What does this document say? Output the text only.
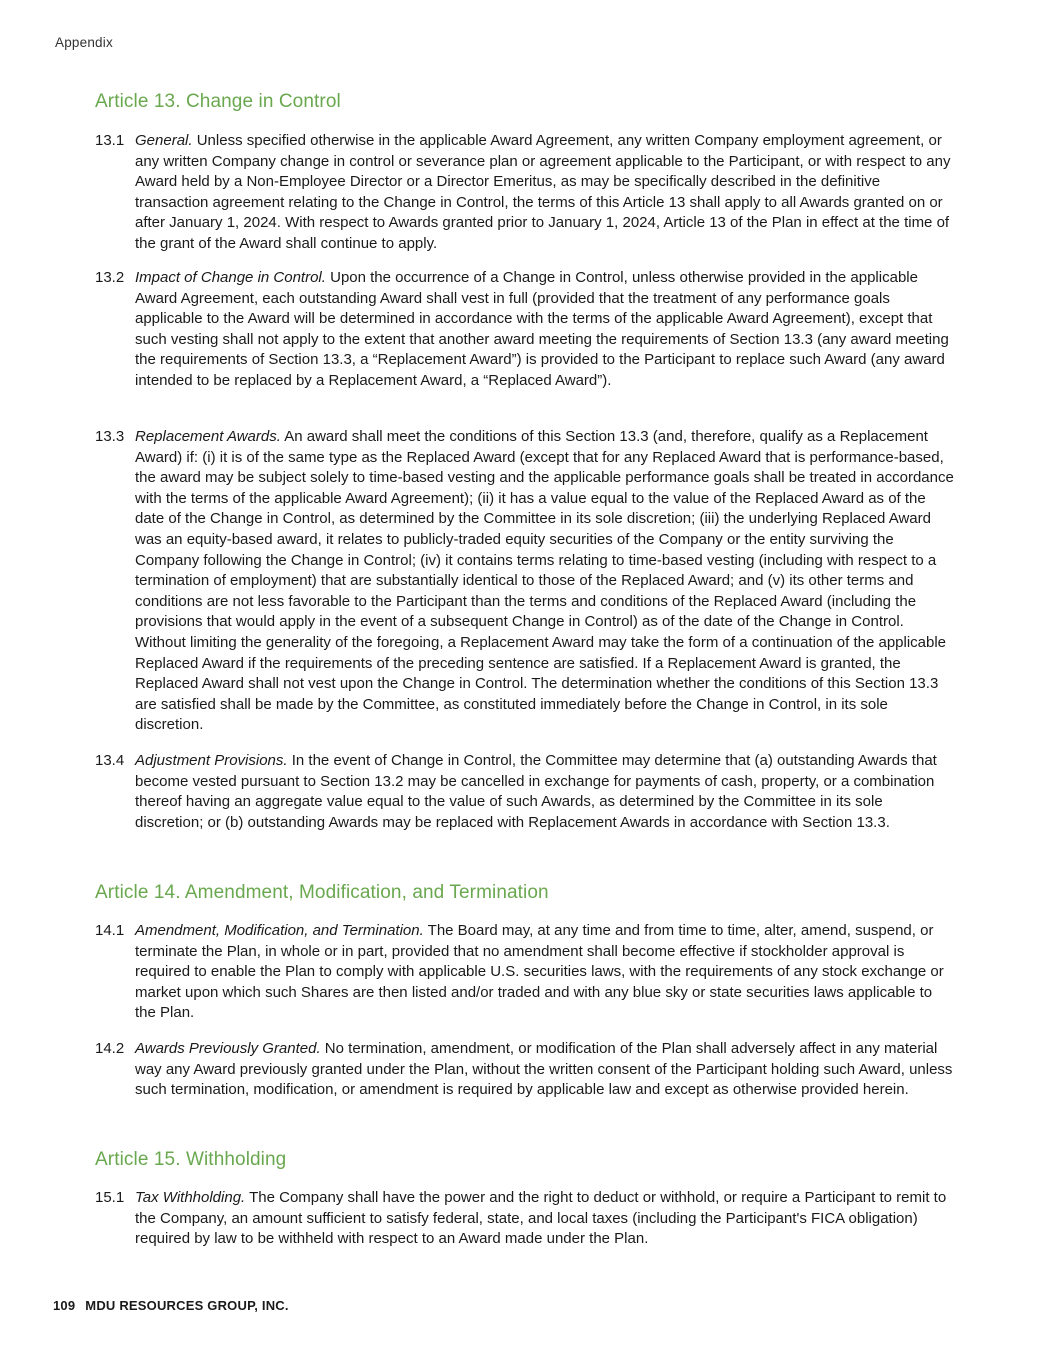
Appendix
Article 13. Change in Control
13.1 General. Unless specified otherwise in the applicable Award Agreement, any written Company employment agreement, or any written Company change in control or severance plan or agreement applicable to the Participant, or with respect to any Award held by a Non-Employee Director or a Director Emeritus, as may be specifically described in the definitive transaction agreement relating to the Change in Control, the terms of this Article 13 shall apply to all Awards granted on or after January 1, 2024. With respect to Awards granted prior to January 1, 2024, Article 13 of the Plan in effect at the time of the grant of the Award shall continue to apply.
13.2 Impact of Change in Control. Upon the occurrence of a Change in Control, unless otherwise provided in the applicable Award Agreement, each outstanding Award shall vest in full (provided that the treatment of any performance goals applicable to the Award will be determined in accordance with the terms of the applicable Award Agreement), except that such vesting shall not apply to the extent that another award meeting the requirements of Section 13.3 (any award meeting the requirements of Section 13.3, a “Replacement Award”) is provided to the Participant to replace such Award (any award intended to be replaced by a Replacement Award, a “Replaced Award”).
13.3 Replacement Awards. An award shall meet the conditions of this Section 13.3 (and, therefore, qualify as a Replacement Award) if: (i) it is of the same type as the Replaced Award (except that for any Replaced Award that is performance-based, the award may be subject solely to time-based vesting and the applicable performance goals shall be treated in accordance with the terms of the applicable Award Agreement); (ii) it has a value equal to the value of the Replaced Award as of the date of the Change in Control, as determined by the Committee in its sole discretion; (iii) the underlying Replaced Award was an equity-based award, it relates to publicly-traded equity securities of the Company or the entity surviving the Company following the Change in Control; (iv) it contains terms relating to time-based vesting (including with respect to a termination of employment) that are substantially identical to those of the Replaced Award; and (v) its other terms and conditions are not less favorable to the Participant than the terms and conditions of the Replaced Award (including the provisions that would apply in the event of a subsequent Change in Control) as of the date of the Change in Control. Without limiting the generality of the foregoing, a Replacement Award may take the form of a continuation of the applicable Replaced Award if the requirements of the preceding sentence are satisfied. If a Replacement Award is granted, the Replaced Award shall not vest upon the Change in Control. The determination whether the conditions of this Section 13.3 are satisfied shall be made by the Committee, as constituted immediately before the Change in Control, in its sole discretion.
13.4 Adjustment Provisions. In the event of Change in Control, the Committee may determine that (a) outstanding Awards that become vested pursuant to Section 13.2 may be cancelled in exchange for payments of cash, property, or a combination thereof having an aggregate value equal to the value of such Awards, as determined by the Committee in its sole discretion; or (b) outstanding Awards may be replaced with Replacement Awards in accordance with Section 13.3.
Article 14. Amendment, Modification, and Termination
14.1 Amendment, Modification, and Termination. The Board may, at any time and from time to time, alter, amend, suspend, or terminate the Plan, in whole or in part, provided that no amendment shall become effective if stockholder approval is required to enable the Plan to comply with applicable U.S. securities laws, with the requirements of any stock exchange or market upon which such Shares are then listed and/or traded and with any blue sky or state securities laws applicable to the Plan.
14.2 Awards Previously Granted. No termination, amendment, or modification of the Plan shall adversely affect in any material way any Award previously granted under the Plan, without the written consent of the Participant holding such Award, unless such termination, modification, or amendment is required by applicable law and except as otherwise provided herein.
Article 15. Withholding
15.1 Tax Withholding. The Company shall have the power and the right to deduct or withhold, or require a Participant to remit to the Company, an amount sufficient to satisfy federal, state, and local taxes (including the Participant's FICA obligation) required by law to be withheld with respect to an Award made under the Plan.
109 MDU RESOURCES GROUP, INC.
